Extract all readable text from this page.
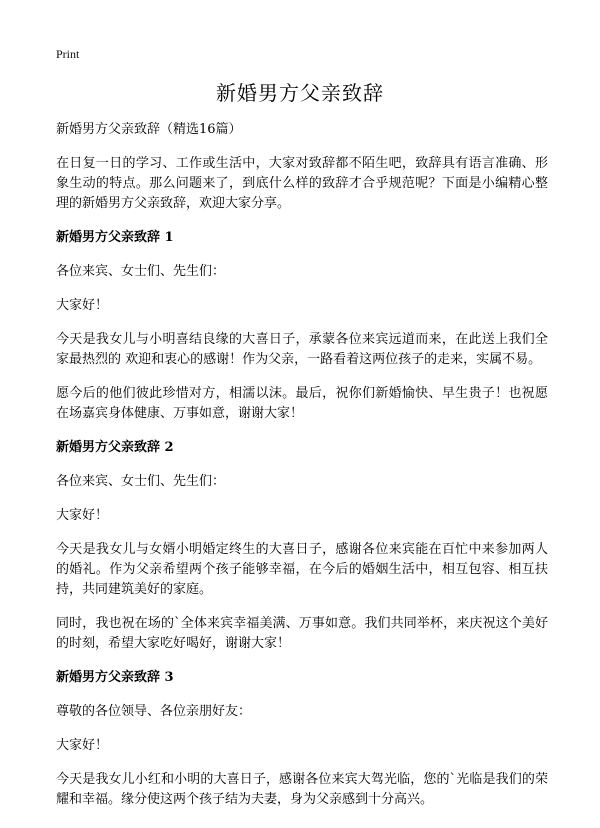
Print
新婚男方父亲致辞

新婚男方父亲致辞（精选16篇）

在日复一日的学习、工作或生活中，大家对致辞都不陌生吧，致辞具有语言准确、形象生动的特点。那么问题来了，到底什么样的致辞才合乎规范呢？下面是小编精心整理的新婚男方父亲致辞，欢迎大家分享。

新婚男方父亲致辞 1

各位来宾、女士们、先生们：

大家好！

今天是我女儿与小明喜结良缘的大喜日子，承蒙各位来宾远道而来，在此送上我们全家最热烈的 欢迎和衷心的感谢！作为父亲，一路看着这两位孩子的走来，实属不易。

愿今后的他们彼此珍惜对方，相濡以沫。最后，祝你们新婚愉快、早生贵子！也祝愿在场嘉宾身体健康、万事如意，谢谢大家！

新婚男方父亲致辞 2

各位来宾、女士们、先生们：

大家好！

今天是我女儿与女婿小明婚定终生的大喜日子，感谢各位来宾能在百忙中来参加两人的婚礼。作为父亲希望两个孩子能够幸福，在今后的婚姻生活中，相互包容、相互扶持，共同建筑美好的家庭。

同时，我也祝在场的`全体来宾幸福美满、万事如意。我们共同举杯，来庆祝这个美好的时刻，希望大家吃好喝好，谢谢大家！

新婚男方父亲致辞 3

尊敬的各位领导、各位亲朋好友：

大家好！

今天是我女儿小红和小明的大喜日子，感谢各位来宾大驾光临，您的`光临是我们的荣耀和幸福。缘分使这两个孩子结为夫妻，身为父亲感到十分高兴。
